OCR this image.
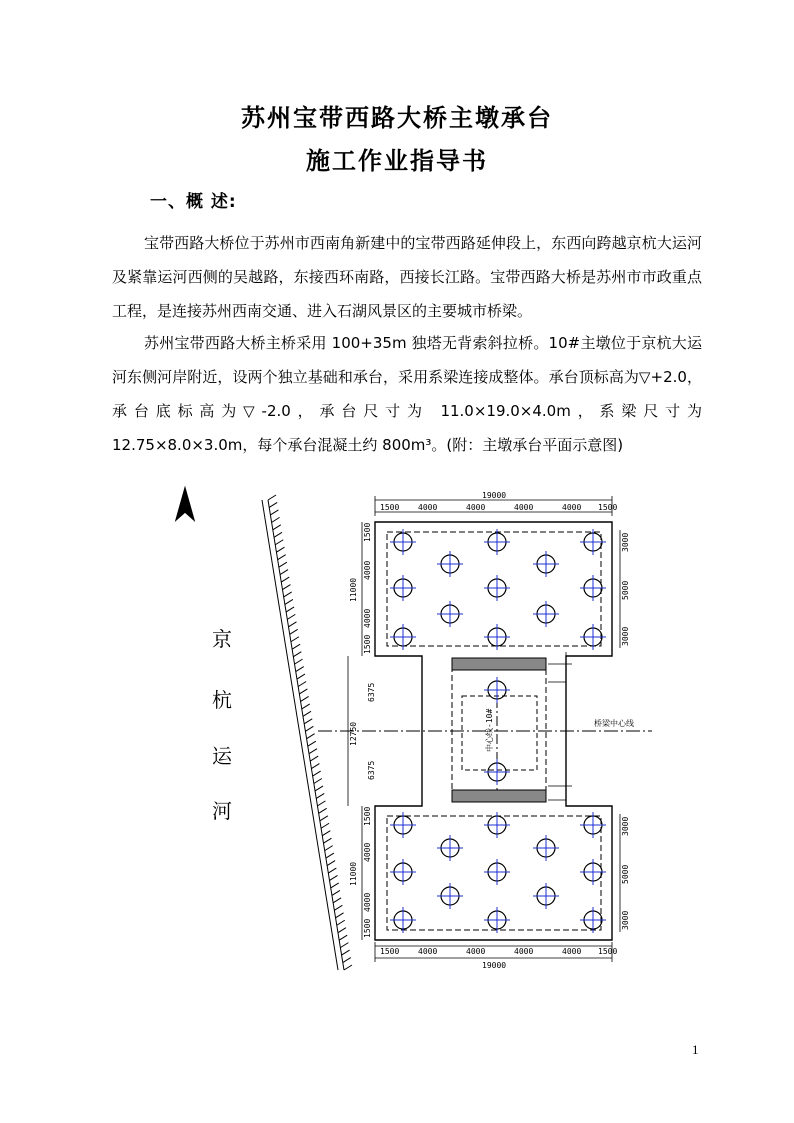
苏州宝带西路大桥主墩承台
施工作业指导书
一、概 述:
宝带西路大桥位于苏州市西南角新建中的宝带西路延伸段上，东西向跨越京杭大运河及紧靠运河西侧的吴越路，东接西环南路，西接长江路。宝带西路大桥是苏州市市政重点工程，是连接苏州西南交通、进入石湖风景区的主要城市桥梁。
苏州宝带西路大桥主桥采用 100+35m 独塔无背索斜拉桥。10#主墩位于京杭大运河东侧河岸附近，设两个独立基础和承台，采用系梁连接成整体。承台顶标高为▽+2.0，承台底标高为▽-2.0，承台尺寸为 11.0×19.0×4.0m，系梁尺寸为 12.75×8.0×3.0m，每个承台混凝土约 800m³。(附：主墩承台平面示意图)
京
杭
运
河
桥梁中心线
中心线-10#
19000
1500 4000	4000	4000	4000 1500
1500 4000	4000	4000	4000 1500
19000
1500
4000
4000
1500
11000
6375
6375
12750
1500
4000
4000
1500
11000
3000
5000
3000
3000
5000
3000
1
